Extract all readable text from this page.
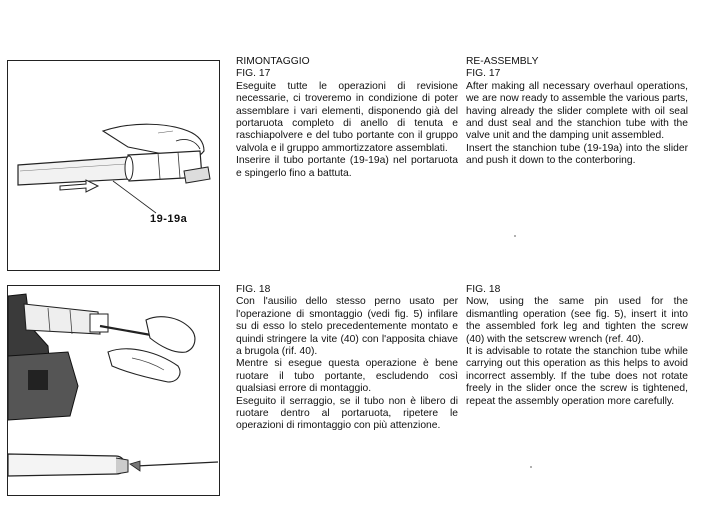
19-19a

RIMONTAGGIO

FIG. 17

Eseguite tutte le operazioni di revisione necessarie, ci troveremo in condizione di poter assemblare i vari elementi, disponendo già del portaruota completo di anello di tenuta e raschiapolvere e del tubo portante con il gruppo valvola e il gruppo ammortizzatore assemblati.

Inserire il tubo portante (19-19a) nel portaruota e spingerlo fino a battuta.

RE-ASSEMBLY

FIG. 17

After making all necessary overhaul operations, we are now ready to assemble the various parts, having already the slider complete with oil seal and dust seal and the stanchion tube with the valve unit and the damping unit assembled.

Insert the stanchion tube (19-19a) into the slider and push it down to the conterboring.

FIG. 18

Con l'ausilio dello stesso perno usato per l'operazione di smontaggio (vedi fig. 5) infilare su di esso lo stelo precedentemente montato e quindi stringere la vite (40) con l'apposita chiave a brugola (rif. 40).

Mentre si esegue questa operazione è bene ruotare il tubo portante, escludendo così qualsiasi errore di montaggio.

Eseguito il serraggio, se il tubo non è libero di ruotare dentro al portaruota, ripetere le operazioni di rimontaggio con più attenzione.

FIG. 18

Now, using the same pin used for the dismantling operation (see fig. 5), insert it into the assembled fork leg and tighten the screw (40) with the setscrew wrench (ref. 40).

It is advisable to rotate the stanchion tube while carrying out this operation as this helps to avoid incorrect assembly. If the tube does not rotate freely in the slider once the screw is tightened, repeat the assembly operation more carefully.
